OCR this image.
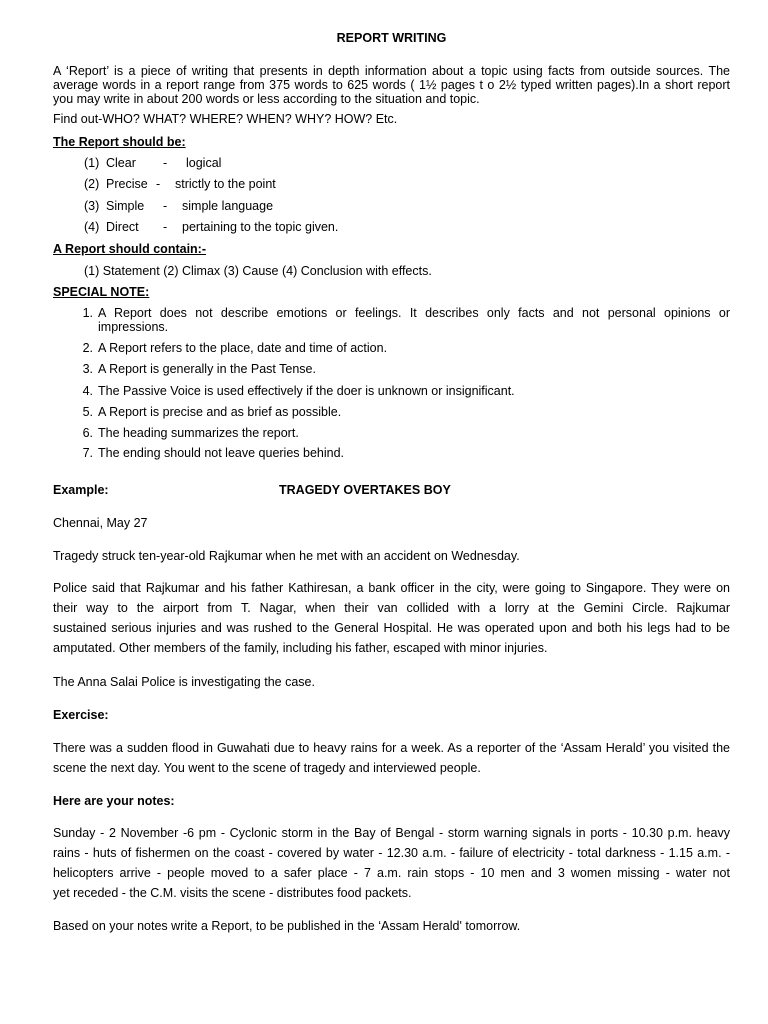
REPORT WRITING
A ‘Report’ is a piece of writing that presents in depth information about a topic using facts from outside sources. The
average words in a report range from 375 words to 625 words ( 1½ pages t o 2½ typed written pages).In a short report
you may write in about 200 words or less according to the situation and topic.
Find out-WHO? WHAT? WHERE? WHEN? WHY? HOW? Etc.
The Report should be:
(1) Clear - logical
(2) Precise - strictly to the point
(3) Simple - simple language
(4) Direct - pertaining to the topic given.
A Report should contain:-
(1) Statement (2) Climax (3) Cause (4) Conclusion with effects.
SPECIAL NOTE:
1. A Report does not describe emotions or feelings. It describes only facts and not personal opinions or
impressions.
2. A Report refers to the place, date and time of action.
3. A Report is generally in the Past Tense.
4. The Passive Voice is used effectively if the doer is unknown or insignificant.
5. A Report is precise and as brief as possible.
6. The heading summarizes the report.
7. The ending should not leave queries behind.
Example:	TRAGEDY OVERTAKES BOY
Chennai, May 27
Tragedy struck ten-year-old Rajkumar when he met with an accident on Wednesday.
Police said that Rajkumar and his father Kathiresan, a bank officer in the city, were going to Singapore. They were on
their way to the airport from T. Nagar, when their van collided with a lorry at the Gemini Circle. Rajkumar
sustained serious injuries and was rushed to the General Hospital. He was operated upon and both his legs had to be
amputated. Other members of the family, including his father, escaped with minor injuries.
The Anna Salai Police is investigating the case.
Exercise:
There was a sudden flood in Guwahati due to heavy rains for a week. As a reporter of the ‘Assam Herald’ you visited the
scene the next day. You went to the scene of tragedy and interviewed people.
Here are your notes:
Sunday - 2 November -6 pm - Cyclonic storm in the Bay of Bengal - storm warning signals in ports - 10.30 p.m. heavy
rains - huts of fishermen on the coast - covered by water - 12.30 a.m. - failure of electricity - total darkness - 1.15 a.m. -
helicopters arrive - people moved to a safer place - 7 a.m. rain stops - 10 men and 3 women missing - water not
yet receded - the C.M. visits the scene - distributes food packets.
Based on your notes write a Report, to be published in the ‘Assam Herald' tomorrow.
